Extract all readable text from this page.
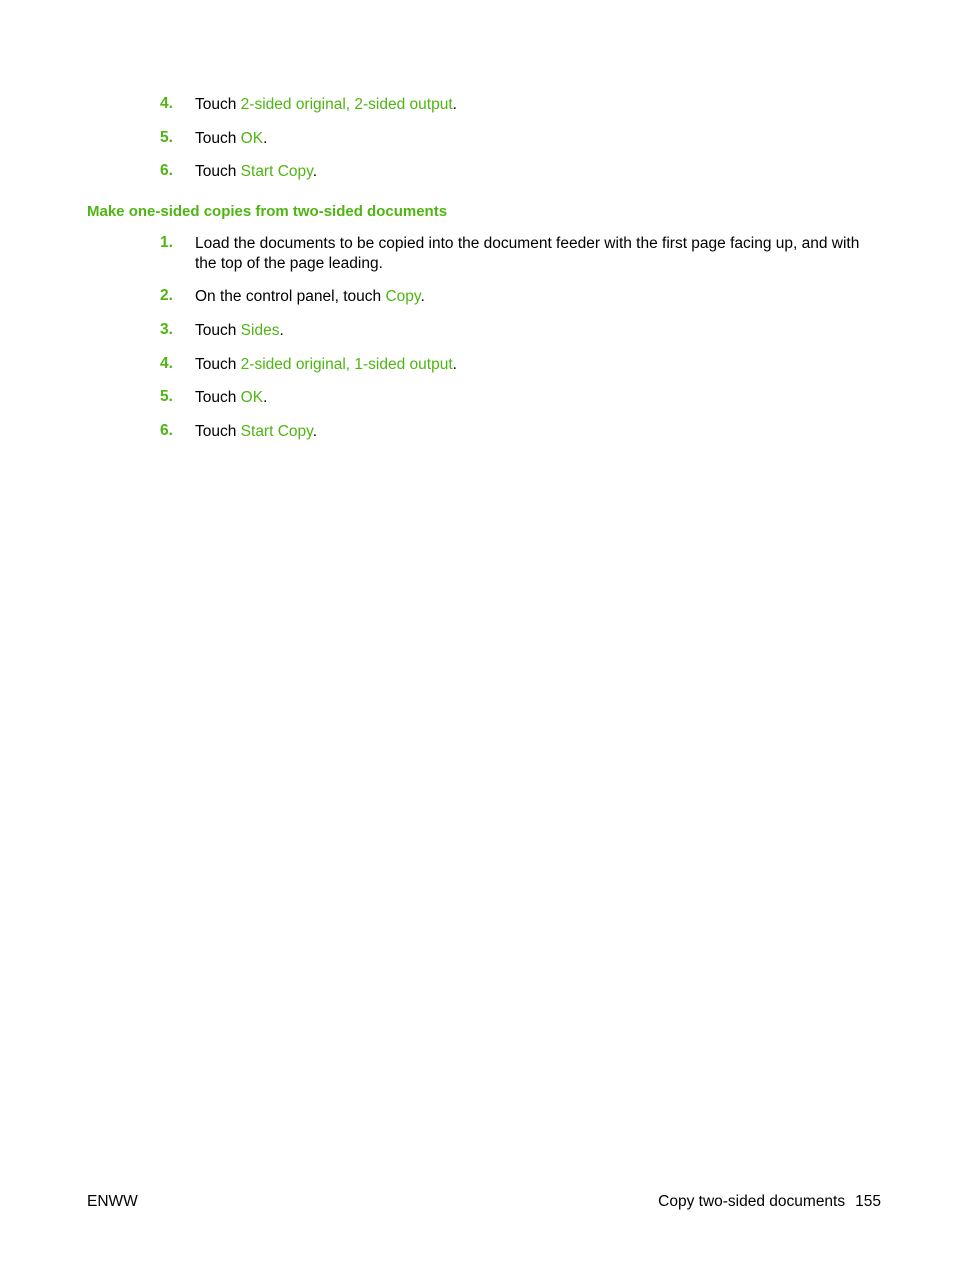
4. Touch 2-sided original, 2-sided output.
5. Touch OK.
6. Touch Start Copy.
Make one-sided copies from two-sided documents
1. Load the documents to be copied into the document feeder with the first page facing up, and with the top of the page leading.
2. On the control panel, touch Copy.
3. Touch Sides.
4. Touch 2-sided original, 1-sided output.
5. Touch OK.
6. Touch Start Copy.
ENWW	Copy two-sided documents 155
